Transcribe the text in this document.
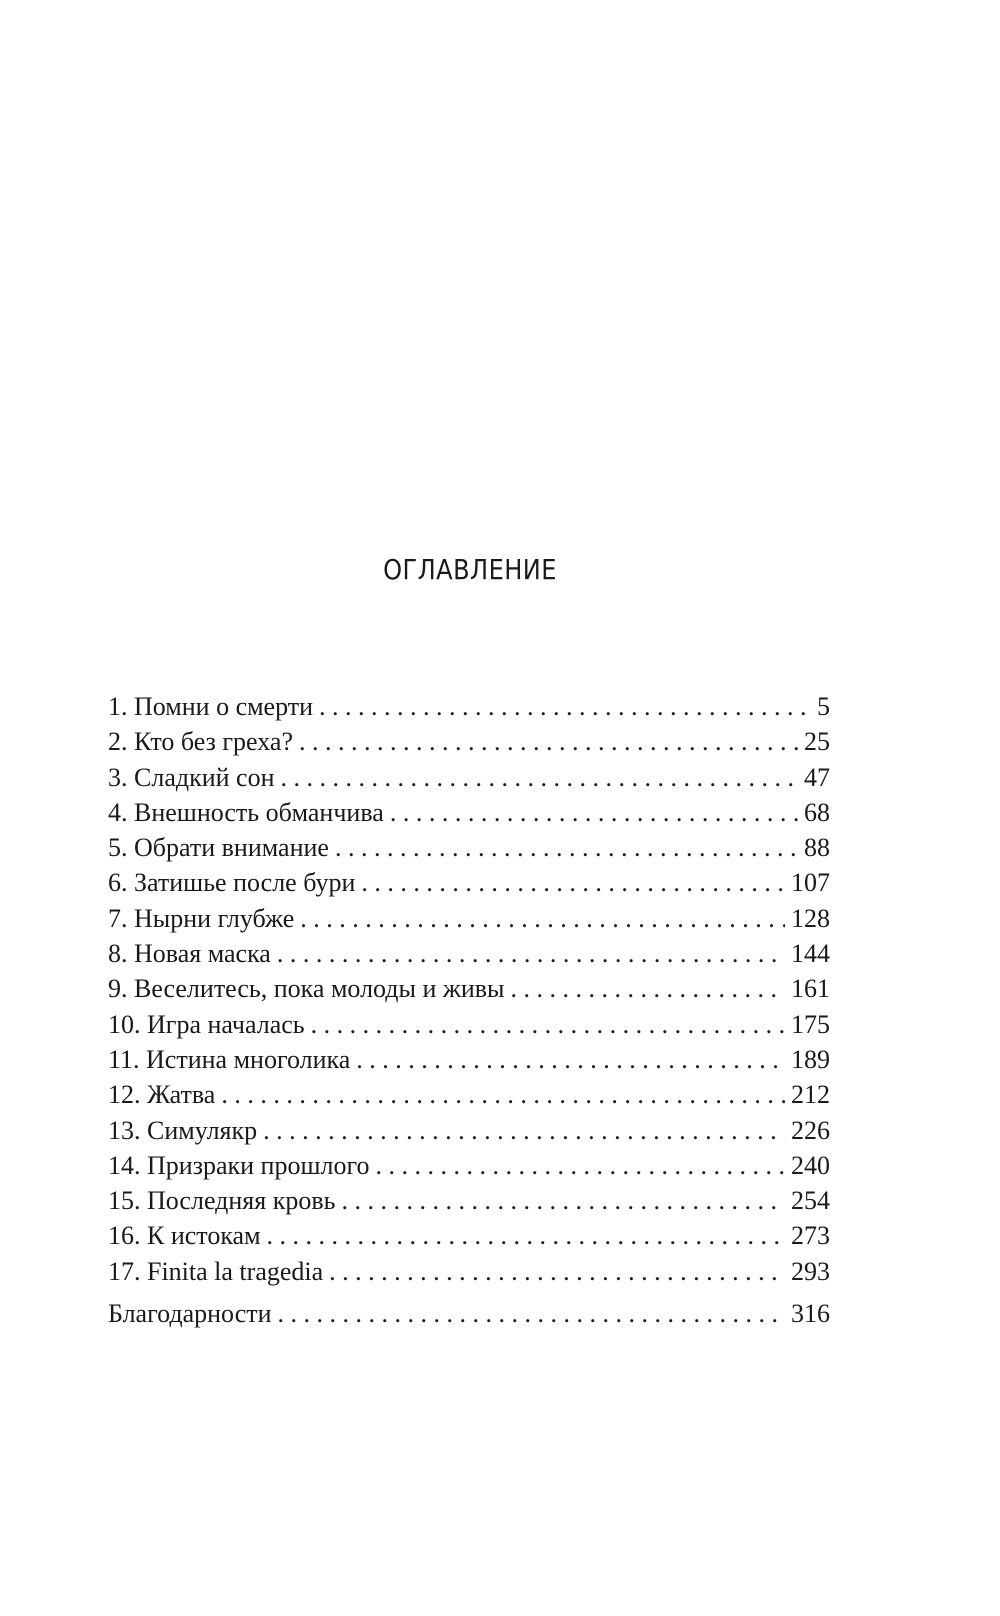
ОГЛАВЛЕНИЕ
1. Помни о смерти . . .	5
2. Кто без греха? . . .	25
3. Сладкий сон . . .	47
4. Внешность обманчива . . .	68
5. Обрати внимание . . .	88
6. Затишье после бури . . .	107
7. Нырни глубже . . .	128
8. Новая маска . . .	144
9. Веселитесь, пока молоды и живы . . .	161
10. Игра началась . . .	175
11. Истина многолика . . .	189
12. Жатва . . .	212
13. Симулякр . . .	226
14. Призраки прошлого . . .	240
15. Последняя кровь . . .	254
16. К истокам . . .	273
17. Finita la tragedia . . .	293
Благодарности . . .	316
